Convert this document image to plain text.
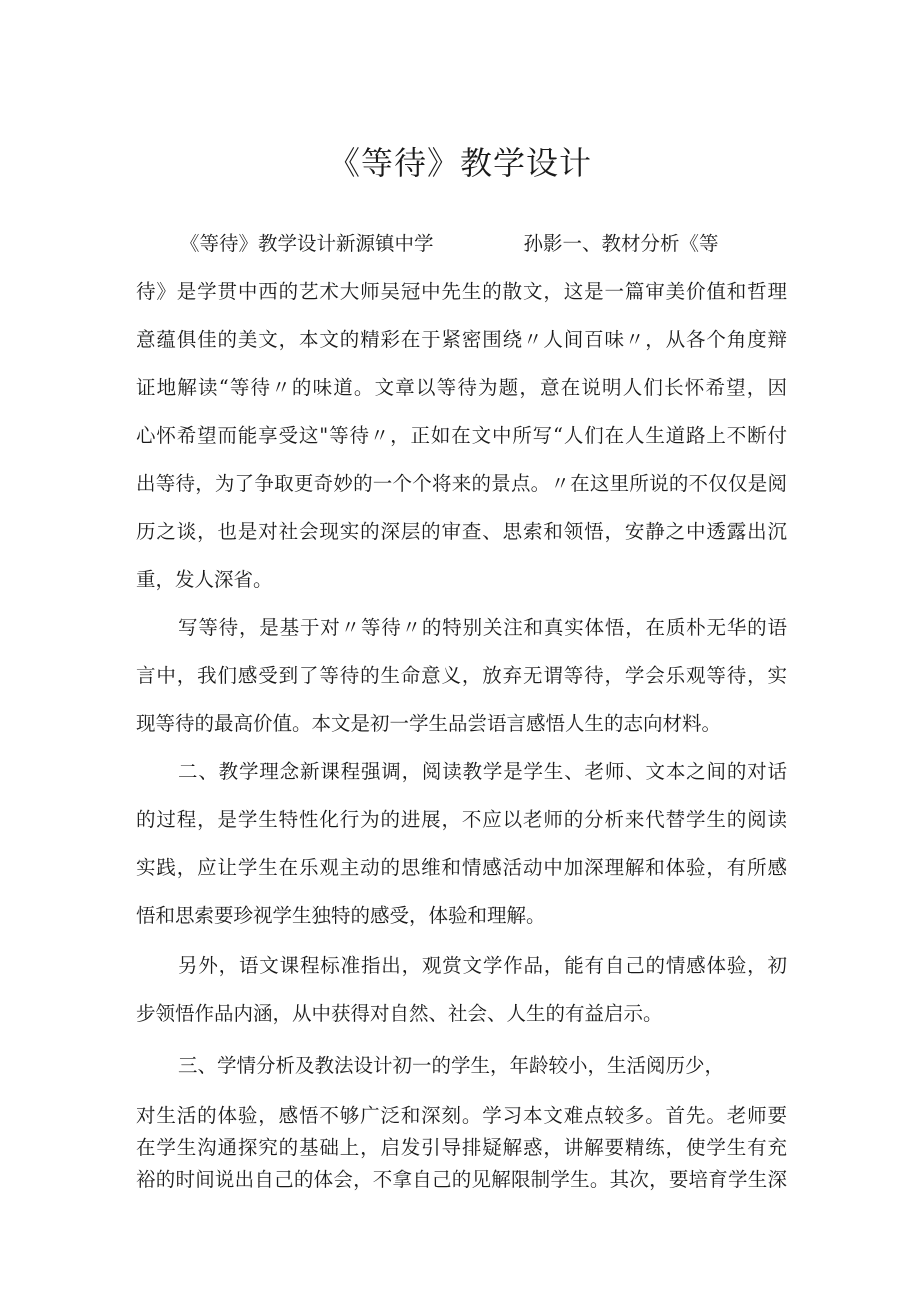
《等待》教学设计
《等待》教学设计新源镇中学	孙影一、教材分析《等
待》是学贯中西的艺术大师吴冠中先生的散文，这是一篇审美价值和哲理
意蕴俱佳的美文，本文的精彩在于紧密围绕〃人间百味〃，从各个角度辩
证地解读“等待〃的味道。文章以等待为题，意在说明人们长怀希望，因
心怀希望而能享受这"等待〃，正如在文中所写“人们在人生道路上不断付
出等待，为了争取更奇妙的一个个将来的景点。〃在这里所说的不仅仅是阅
历之谈，也是对社会现实的深层的审查、思索和领悟，安静之中透露出沉
重，发人深省。
写等待，是基于对〃等待〃的特别关注和真实体悟，在质朴无华的语
言中，我们感受到了等待的生命意义，放弃无谓等待，学会乐观等待，实
现等待的最高价值。本文是初一学生品尝语言感悟人生的志向材料。
二、教学理念新课程强调，阅读教学是学生、老师、文本之间的对话
的过程，是学生特性化行为的进展，不应以老师的分析来代替学生的阅读
实践，应让学生在乐观主动的思维和情感活动中加深理解和体验，有所感
悟和思索要珍视学生独特的感受，体验和理解。
另外，语文课程标准指出，观赏文学作品，能有自己的情感体验，初
步领悟作品内涵，从中获得对自然、社会、人生的有益启示。
三、学情分析及教法设计初一的学生，年龄较小，生活阅历少，
对生活的体验，感悟不够广泛和深刻。学习本文难点较多。首先。老师要
在学生沟通探究的基础上，启发引导排疑解惑，讲解要精练，使学生有充
裕的时间说出自己的体会，不拿自己的见解限制学生。其次，要培育学生深
